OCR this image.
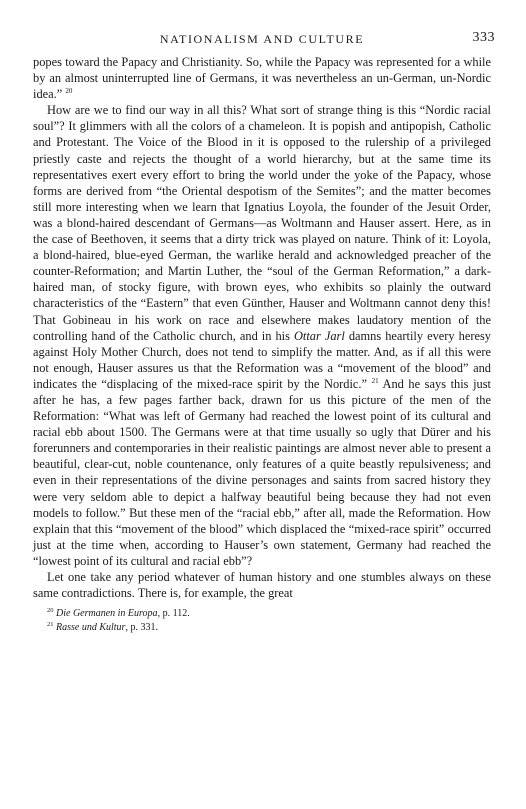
NATIONALISM AND CULTURE	333

popes toward the Papacy and Christianity. So, while the Papacy was represented for a while by an almost uninterrupted line of Germans, it was nevertheless an un-German, un-Nordic idea.” $^{20}$

How are we to find our way in all this? What sort of strange thing is this “Nordic racial soul”? It glimmers with all the colors of a chameleon. It is popish and antipopish, Catholic and Protestant. The Voice of the Blood in it is opposed to the rulership of a privileged priestly caste and rejects the thought of a world hierarchy, but at the same time its representatives exert every effort to bring the world under the yoke of the Papacy, whose forms are derived from “the Oriental despotism of the Semites”; and the matter becomes still more interesting when we learn that Ignatius Loyola, the founder of the Jesuit Order, was a blond-haired descendant of Germans—as Woltmann and Hauser assert. Here, as in the case of Beethoven, it seems that a dirty trick was played on nature. Think of it: Loyola, a blond-haired, blue-eyed German, the warlike herald and acknowledged preacher of the counter-Reformation; and Martin Luther, the “soul of the German Reformation,” a dark-haired man, of stocky figure, with brown eyes, who exhibits so plainly the outward characteristics of the “Eastern” that even Günther, Hauser and Woltmann cannot deny this! That Gobineau in his work on race and elsewhere makes laudatory mention of the controlling hand of the Catholic church, and in his Ottar Jarl damns heartily every heresy against Holy Mother Church, does not tend to simplify the matter. And, as if all this were not enough, Hauser assures us that the Reformation was a “movement of the blood” and indicates the “displacing of the mixed-race spirit by the Nordic.” $^{21}$ And he says this just after he has, a few pages farther back, drawn for us this picture of the men of the Reformation: “What was left of Germany had reached the lowest point of its cultural and racial ebb about 1500. The Germans were at that time usually so ugly that Dürer and his forerunners and contemporaries in their realistic paintings are almost never able to present a beautiful, clear-cut, noble countenance, only features of a quite beastly repulsiveness; and even in their representations of the divine personages and saints from sacred history they were very seldom able to depict a halfway beautiful being because they had not even models to follow.” But these men of the “racial ebb,” after all, made the Reformation. How explain that this “movement of the blood” which displaced the “mixed-race spirit” occurred just at the time when, according to Hauser’s own statement, Germany had reached the “lowest point of its cultural and racial ebb”?

Let one take any period whatever of human history and one stumbles always on these same contradictions. There is, for example, the great

$^{20}$ Die Germanen in Europa, p. 112.
$^{21}$ Rasse und Kultur, p. 331.
